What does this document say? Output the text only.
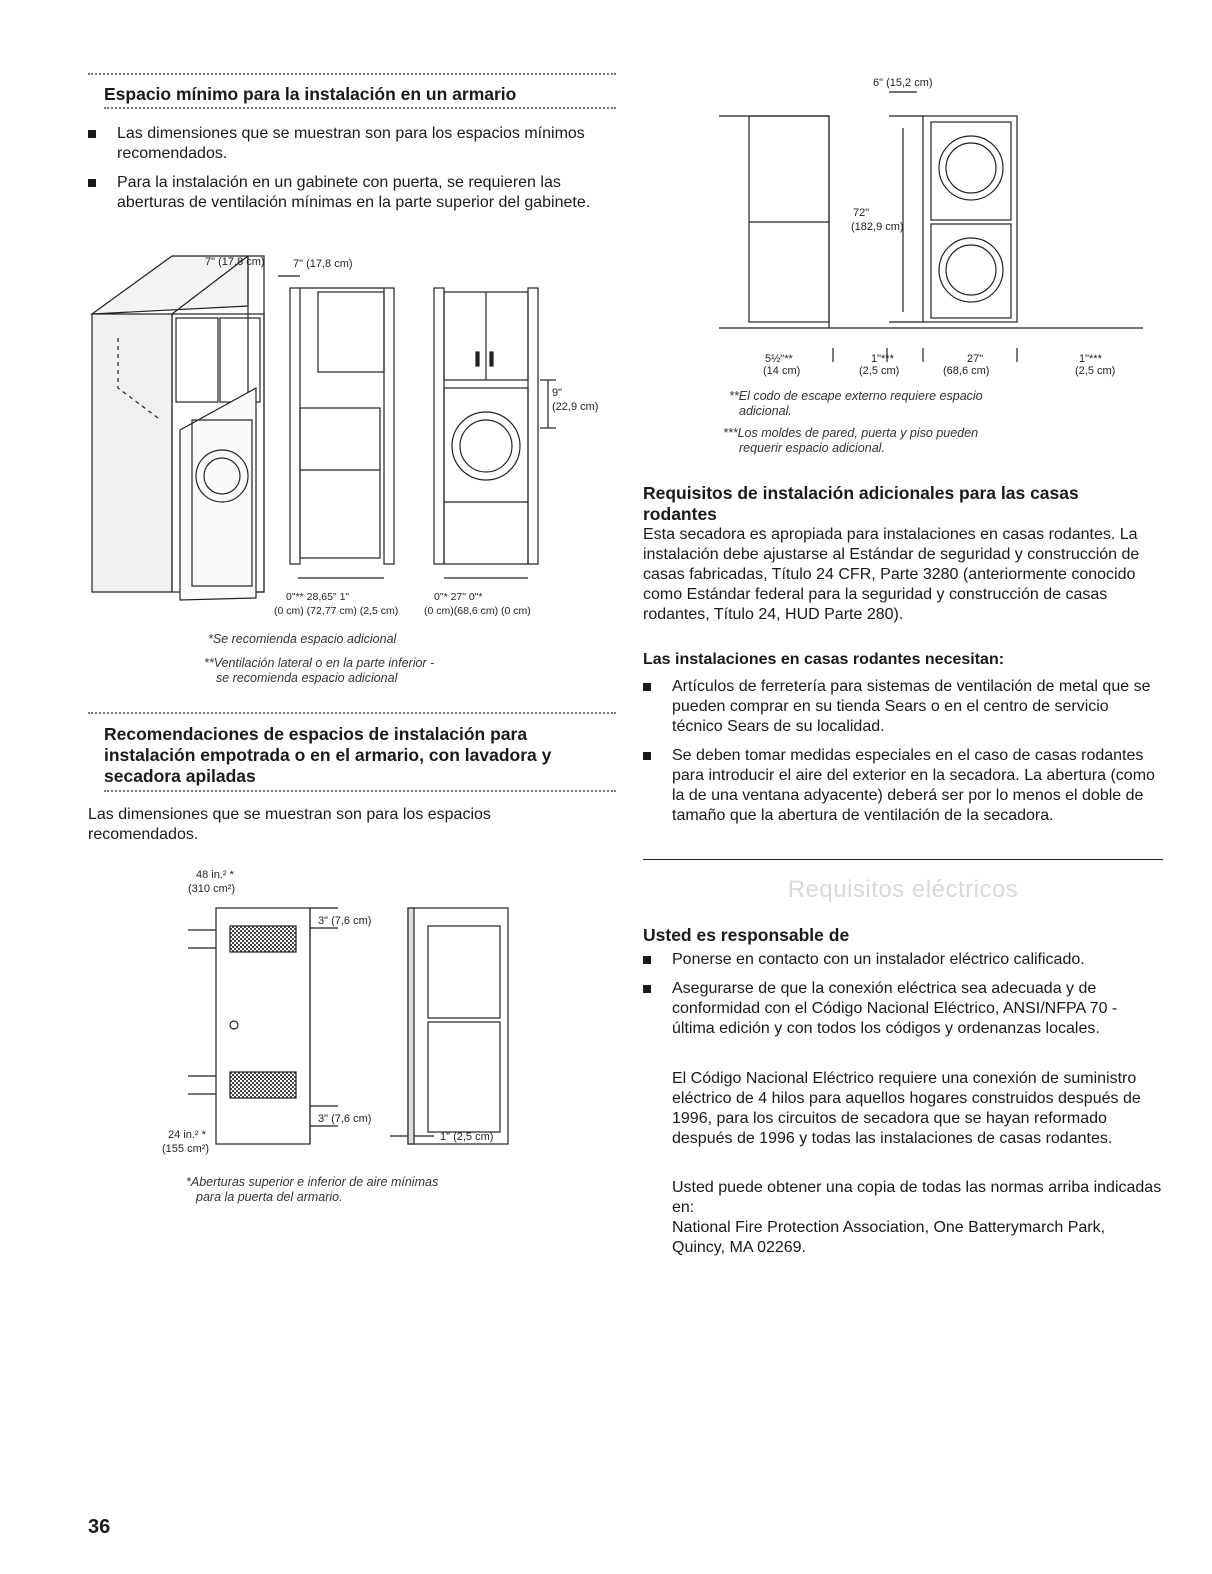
Espacio mínimo para la instalación en un armario
Las dimensiones que se muestran son para los espacios mínimos recomendados.
Para la instalación en un gabinete con puerta, se requieren las aberturas de ventilación mínimas en la parte superior del gabinete.
7" (17,8 cm)	7" (17,8 cm)
9"
(22,9 cm)
0"** 28,65" 1"
(0 cm) (72,77 cm) (2,5 cm)
0"* 27" 0"*
(0 cm)(68,6 cm) (0 cm)
*Se recomienda espacio adicional
**Ventilación lateral o en la parte inferior -
se recomienda espacio adicional
Recomendaciones de espacios de instalación para
instalación empotrada o en el armario, con lavadora y
secadora apiladas

Las dimensiones que se muestran son para los espacios recomendados.

48 in.² *
(310 cm²)
3" (7,6 cm)
3" (7,6 cm)
24 in.² *
(155 cm²)
1" (2,5 cm)
*Aberturas superior e inferior de aire mínimas
para la puerta del armario.
6" (15,2 cm)
72"
(182,9 cm)
5½"**
(14 cm)
1"***
(2,5 cm)
27"
(68,6 cm)
1"***
(2,5 cm)
**El codo de escape externo requiere espacio
adicional.
***Los moldes de pared, puerta y piso pueden
requerir espacio adicional.
Requisitos de instalación adicionales para las casas rodantes

Esta secadora es apropiada para instalaciones en casas rodantes. La instalación debe ajustarse al Estándar de seguridad y construcción de casas fabricadas, Título 24 CFR, Parte 3280 (anteriormente conocido como Estándar federal para la seguridad y construcción de casas rodantes, Título 24, HUD Parte 280).

Las instalaciones en casas rodantes necesitan:
Artículos de ferretería para sistemas de ventilación de metal que se pueden comprar en su tienda Sears o en el centro de servicio técnico Sears de su localidad.
Se deben tomar medidas especiales en el caso de casas rodantes para introducir el aire del exterior en la secadora. La abertura (como la de una ventana adyacente) deberá ser por lo menos el doble de tamaño que la abertura de ventilación de la secadora.
Requisitos eléctricos
Usted es responsable de
Ponerse en contacto con un instalador eléctrico calificado.
Asegurarse de que la conexión eléctrica sea adecuada y de conformidad con el Código Nacional Eléctrico, ANSI/NFPA 70 - última edición y con todos los códigos y ordenanzas locales.

El Código Nacional Eléctrico requiere una conexión de suministro eléctrico de 4 hilos para aquellos hogares construidos después de 1996, para los circuitos de secadora que se hayan reformado después de 1996 y todas las instalaciones de casas rodantes.

Usted puede obtener una copia de todas las normas arriba indicadas en:

National Fire Protection Association, One Batterymarch Park,

Quincy, MA 02269.

36
